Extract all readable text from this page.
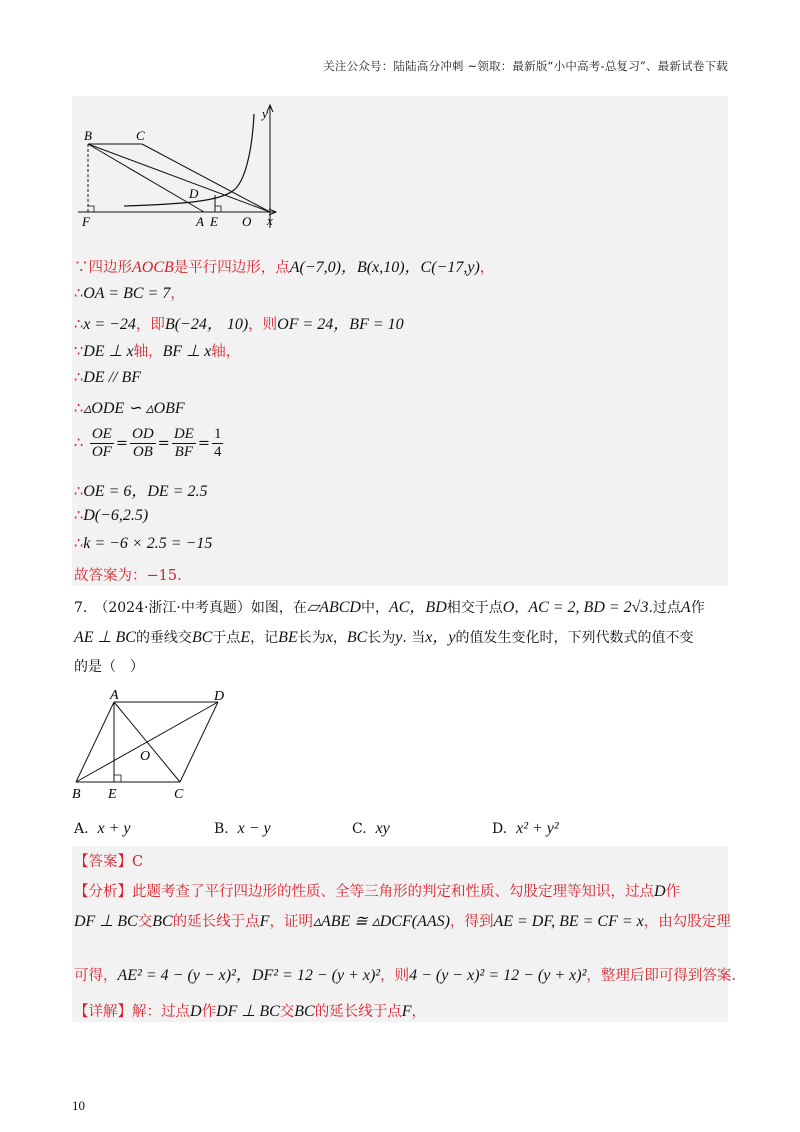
关注公众号：陆陆高分冲刺 ~领取：最新版“小中高考-总复习”、最新试卷下载
y
x
B	C
D
F	A E O
∵四边形AOCB是平行四边形，点A(−7,0)，B(x,10)，C(−17,y)，
∴OA = BC = 7，
∴x = −24，即B(−24， 10)，则OF = 24，BF = 10
∵DE ⊥ x轴，BF ⊥ x轴，
∴DE // BF
∴▵ODE ∽ ▵OBF
∴ $\frac{OE}{OF} = \frac{OD}{OB} = \frac{DE}{BF} = \frac{1}{4}$
∴OE = 6，DE = 2.5
∴D(−6,2.5)
∴k = −6 × 2.5 = −15
故答案为：−15.
7.　（2024·浙江·中考真题）如图，在▱ABCD中，AC，BD相交于点O，AC = 2, BD = 2√3.过点A作
AE ⊥ BC的垂线交BC于点E，记BE长为x，BC长为y. 当x，y的值发生变化时，下列代数式的值不变
的是（　）
A	D
O
B E	C
A. x + y	B. x − y	C. xy	D. x² + y²
【答案】C
【分析】此题考查了平行四边形的性质、全等三角形的判定和性质、勾股定理等知识，过点D作
DF ⊥ BC交BC的延长线于点F，证明▵ABE ≅ ▵DCF(AAS)，得到AE = DF, BE = CF = x，由勾股定理
可得，AE² = 4 − (y − x)²，DF² = 12 − (y + x)²，则4 − (y − x)² = 12 − (y + x)²，整理后即可得到答案.
【详解】解：过点D作DF ⊥ BC交BC的延长线于点F，
10
